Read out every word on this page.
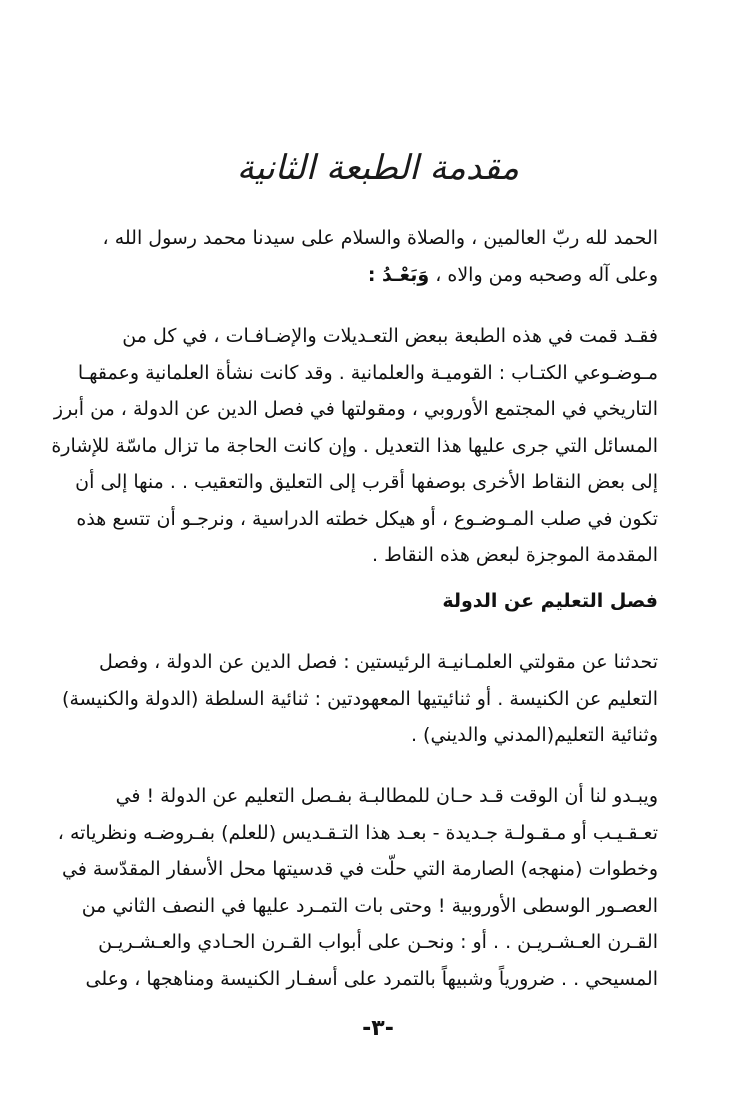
مقدمة الطبعة الثانية
الحمد لله ربّ العالمين ، والصلاة والسلام على سيدنا محمد رسول الله ،
وعلى آله وصحبه ومن والاه ، وَبَعْـدُ :
فقـد قمت في هذه الطبعة ببعض التعـديلات والإضـافـات ، في كل من
مـوضـوعي الكتـاب : القوميـة والعلمانية . وقد كانت نشأة العلمانية وعمقهـا
التاريخي في المجتمع الأوروبي ، ومقولتها في فصل الدين عن الدولة ، من أبرز
المسائل التي جرى عليها هذا التعديل . وإن كانت الحاجة ما تزال ماسّة للإشارة
إلى بعض النقاط الأخرى بوصفها أقرب إلى التعليق والتعقيب . . منها إلى أن
تكون في صلب المـوضـوع ، أو هيكل خطته الدراسية ، ونرجـو أن تتسع هذه
المقدمة الموجزة لبعض هذه النقاط .
فصل التعليم عن الدولة
تحدثنا عن مقولتي العلمـانيـة الرئيستين : فصل الدين عن الدولة ، وفصل
التعليم عن الكنيسة . أو ثنائيتيها المعهودتين : ثنائية السلطة (الدولة والكنيسة)
وثنائية التعليم(المدني والديني) .
ويبـدو لنا أن الوقت قـد حـان للمطالبـة بفـصل التعليم عن الدولة ! في
تعـقـيـب أو مـقـولـة جـديدة - بعـد هذا التـقـديس (للعلم) بفـروضـه ونظرياته ،
وخطوات (منهجه) الصارمة التي حلّت في قدسيتها محل الأسفار المقدّسة في
العصـور الوسطى الأوروبية ! وحتى بات التمـرد عليها في النصف الثاني من
القـرن العـشـريـن . . أو : ونحـن على أبواب القـرن الحـادي والعـشـريـن
المسيحي . . ضرورياً وشبيهاً بالتمرد على أسفـار الكنيسة ومناهجها ، وعلى
-٣-
